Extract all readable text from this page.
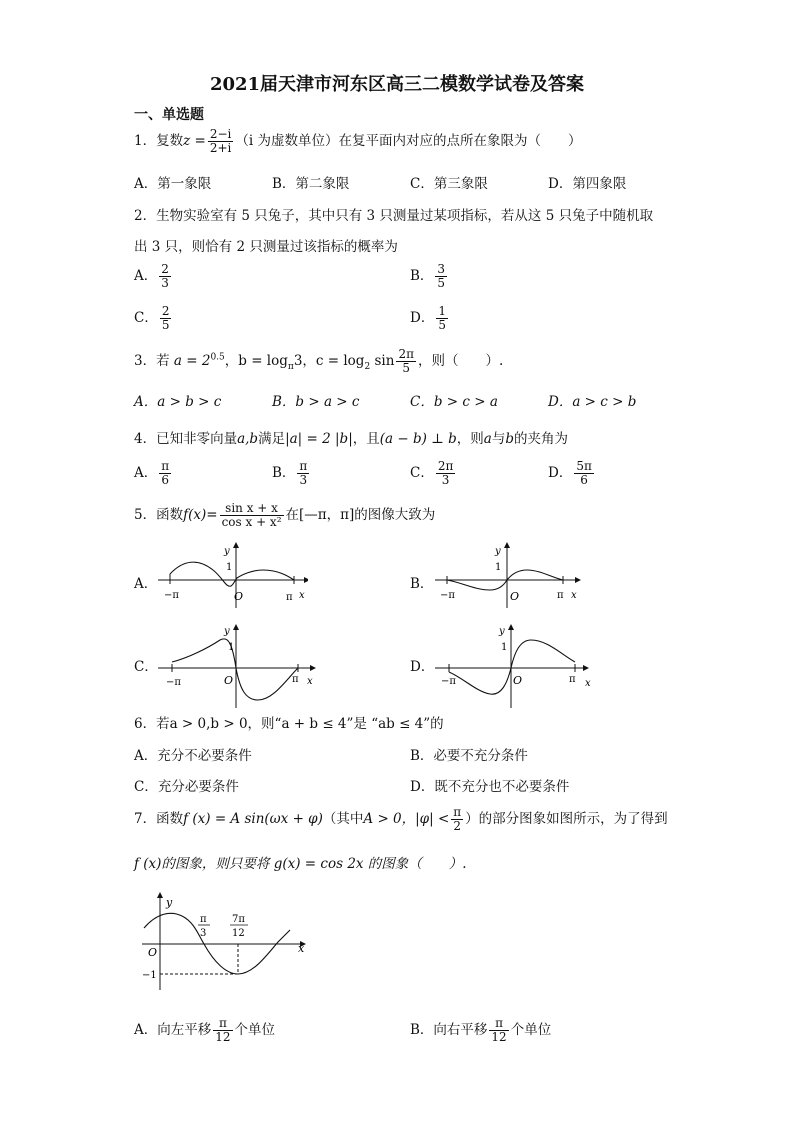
2021届天津市河东区高三二模数学试卷及答案
一、单选题
1．复数$z = \frac{2-i}{2+i} (i$ 为虚数单位）在复平面内对应的点所在象限为（　　）
A．第一象限	B．第二象限	C．第三象限	D．第四象限
2．生物实验室有 5 只兔子，其中只有 3 只测量过某项指标，若从这 5 只兔子中随机取
出 3 只，则恰有 2 只测量过该指标的概率为
A． $\frac{2}{3}$	B． $\frac{3}{5}$
C． $\frac{2}{5}$	D． $\frac{1}{5}$
3．若 $a = 2^{0.5}$，$b = \log_\pi 3$，$c = \log_2 \sin \frac{2\pi}{5}$ ，则（　　）.
A．a > b > c	B．b > a > c	C．b > c > a	D．a > c > b
4．已知非零向量a,b满足|a| = 2 |b|，且(a − b) ⊥ b，则a与b的夹角为
A． $\frac{\pi}{6}$	B． $\frac{\pi}{3}$	C． $\frac{2\pi}{3}$	D． $\frac{5\pi}{6}$
5．函数$f(x)= \frac{\text{sin x + x}}{\text{cos x + x²}}$ 在[—π，π]的图像大致为
A．	B．
C．	D．
y
1
−π	O	π x
y
1
−π	O	π x
y
1
−π	O	π x
y
1
−π	O	π x
6．若a > 0,b > 0，则“a + b ≤ 4”是 “ab ≤ 4”的
A．充分不必要条件	B．必要不充分条件
C．充分必要条件	D．既不充分也不必要条件
7．函数f (x) = A sin(ωx + φ)（其中A > 0，$|\varphi| < \frac{\pi}{2}$ ）的部分图象如图所示，为了得到
f (x)的图象，则只要将 g(x) = cos 2x 的图象（　　）.
y
O
−1
x
π
3
7π
12
A．向左平移 $\frac{\pi}{12}$ 个单位	B．向右平移 $\frac{\pi}{12}$ 个单位
